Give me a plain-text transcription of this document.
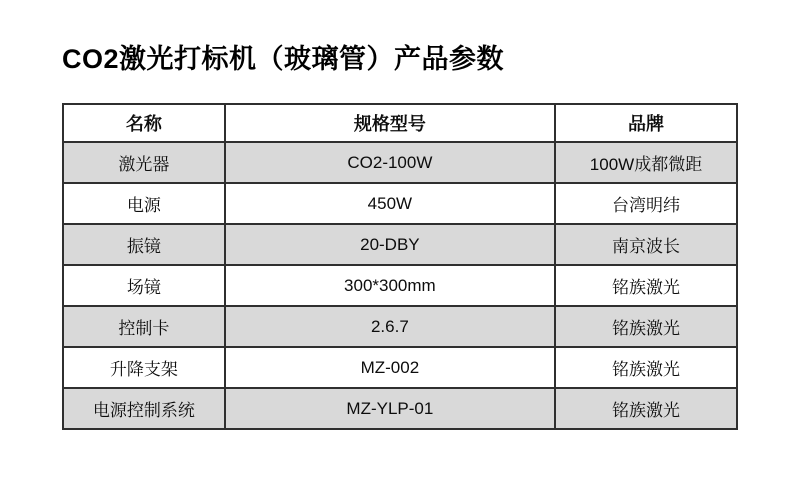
CO2激光打标机（玻璃管）产品参数
名称	规格型号	品牌
激光器	CO2-100W	100W成都微距
电源	450W	台湾明纬
振镜	20-DBY	南京波长
场镜	300*300mm	铭族激光
控制卡	2.6.7	铭族激光
升降支架	MZ-002	铭族激光
电源控制系统	MZ-YLP-01	铭族激光
